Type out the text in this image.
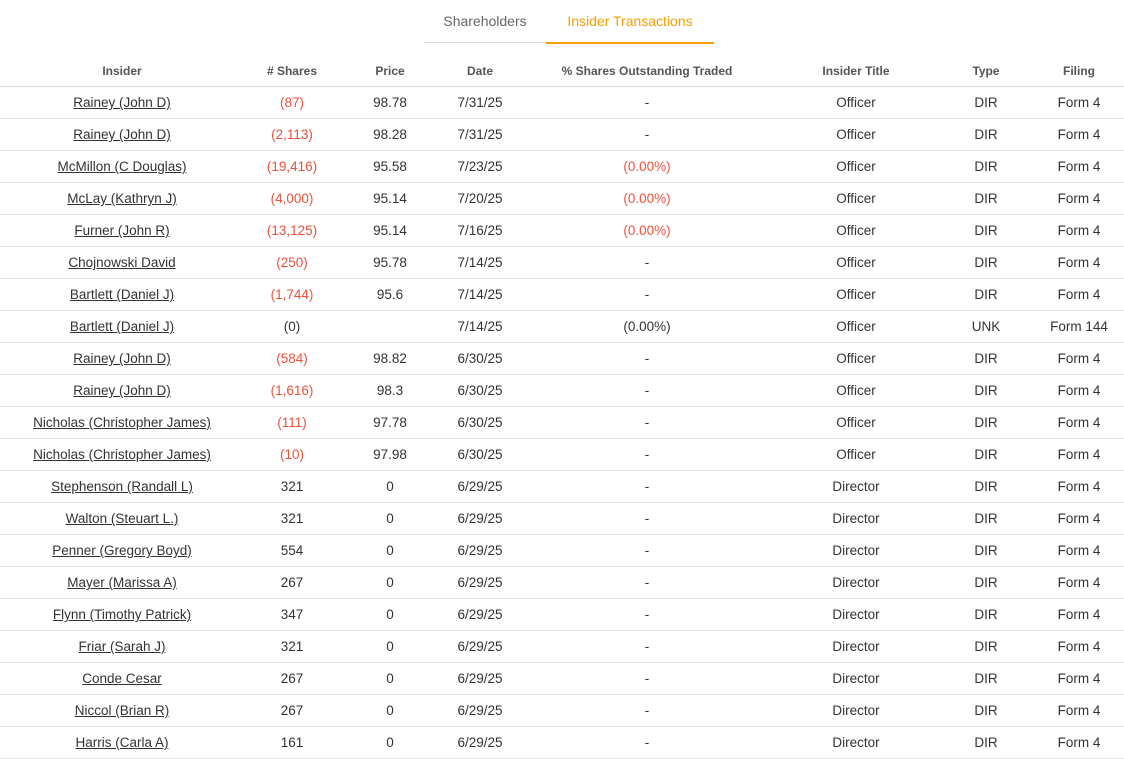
Shareholders	Insider Transactions
Insider	# Shares	Price	Date	% Shares Outstanding Traded	Insider Title	Type	Filing
Rainey (John D)	(87)	98.78	7/31/25	-	Officer	DIR	Form 4
Rainey (John D)	(2,113)	98.28	7/31/25	-	Officer	DIR	Form 4
McMillon (C Douglas)	(19,416)	95.58	7/23/25	(0.00%)	Officer	DIR	Form 4
McLay (Kathryn J)	(4,000)	95.14	7/20/25	(0.00%)	Officer	DIR	Form 4
Furner (John R)	(13,125)	95.14	7/16/25	(0.00%)	Officer	DIR	Form 4
Chojnowski David	(250)	95.78	7/14/25	-	Officer	DIR	Form 4
Bartlett (Daniel J)	(1,744)	95.6	7/14/25	-	Officer	DIR	Form 4
Bartlett (Daniel J)	(0)		7/14/25	(0.00%)	Officer	UNK	Form 144
Rainey (John D)	(584)	98.82	6/30/25	-	Officer	DIR	Form 4
Rainey (John D)	(1,616)	98.3	6/30/25	-	Officer	DIR	Form 4
Nicholas (Christopher James)	(111)	97.78	6/30/25	-	Officer	DIR	Form 4
Nicholas (Christopher James)	(10)	97.98	6/30/25	-	Officer	DIR	Form 4
Stephenson (Randall L)	321	0	6/29/25	-	Director	DIR	Form 4
Walton (Steuart L.)	321	0	6/29/25	-	Director	DIR	Form 4
Penner (Gregory Boyd)	554	0	6/29/25	-	Director	DIR	Form 4
Mayer (Marissa A)	267	0	6/29/25	-	Director	DIR	Form 4
Flynn (Timothy Patrick)	347	0	6/29/25	-	Director	DIR	Form 4
Friar (Sarah J)	321	0	6/29/25	-	Director	DIR	Form 4
Conde Cesar	267	0	6/29/25	-	Director	DIR	Form 4
Niccol (Brian R)	267	0	6/29/25	-	Director	DIR	Form 4
Harris (Carla A)	161	0	6/29/25	-	Director	DIR	Form 4
